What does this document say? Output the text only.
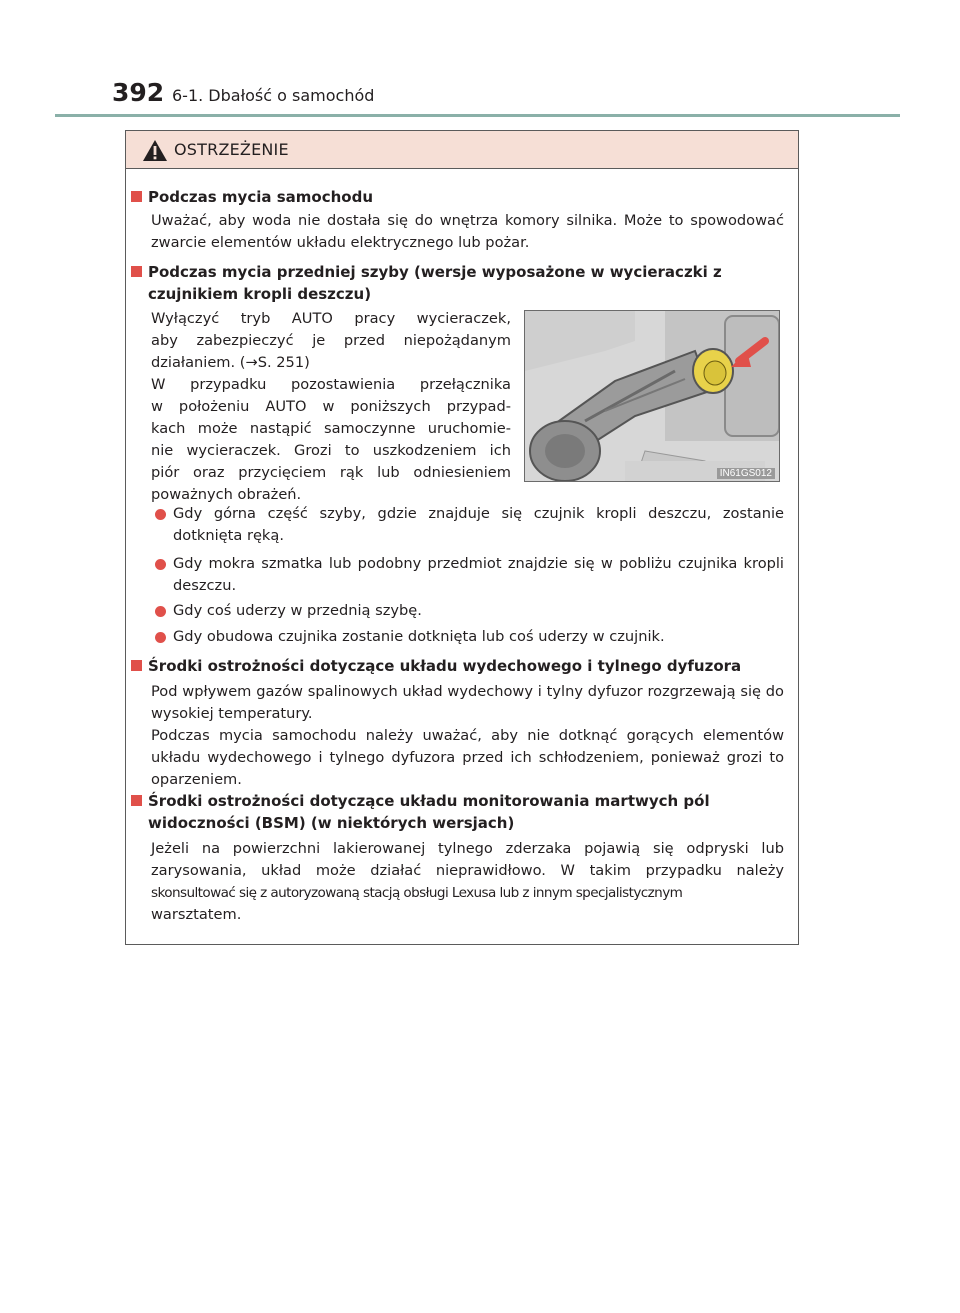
392 6-1. Dbałość o samochód
OSTRZEŻENIE
Podczas mycia samochodu
Uważać, aby woda nie dostała się do wnętrza komory silnika. Może to spowodować zwarcie elementów układu elektrycznego lub pożar.
Podczas mycia przedniej szyby (wersje wyposażone w wycieraczki z czujnikiem kropli deszczu)
Wyłączyć tryb AUTO pracy wycieraczek,
aby zabezpieczyć je przed niepożądanym
działaniem. (→S. 251)
W przypadku pozostawienia przełącznika
w położeniu AUTO w poniższych przypad-
kach może nastąpić samoczynne uruchomie-
nie wycieraczek. Grozi to uszkodzeniem ich
piór oraz przycięciem rąk lub odniesieniem
poważnych obrażeń.
IN61GS012
Gdy górna część szyby, gdzie znajduje się czujnik kropli deszczu, zostanie dotknięta ręką.
Gdy mokra szmatka lub podobny przedmiot znajdzie się w pobliżu czujnika kropli deszczu.
Gdy coś uderzy w przednią szybę.
Gdy obudowa czujnika zostanie dotknięta lub coś uderzy w czujnik.
Środki ostrożności dotyczące układu wydechowego i tylnego dyfuzora
Pod wpływem gazów spalinowych układ wydechowy i tylny dyfuzor rozgrzewają się do wysokiej temperatury.
Podczas mycia samochodu należy uważać, aby nie dotknąć gorących elementów układu wydechowego i tylnego dyfuzora przed ich schłodzeniem, ponieważ grozi to oparzeniem.
Środki ostrożności dotyczące układu monitorowania martwych pól widoczności (BSM) (w niektórych wersjach)
Jeżeli na powierzchni lakierowanej tylnego zderzaka pojawią się odpryski lub zarysowania, układ może działać nieprawidłowo. W takim przypadku należy
skonsultować się z autoryzowaną stacją obsługi Lexusa lub z innym specjalistycznym
warsztatem.
